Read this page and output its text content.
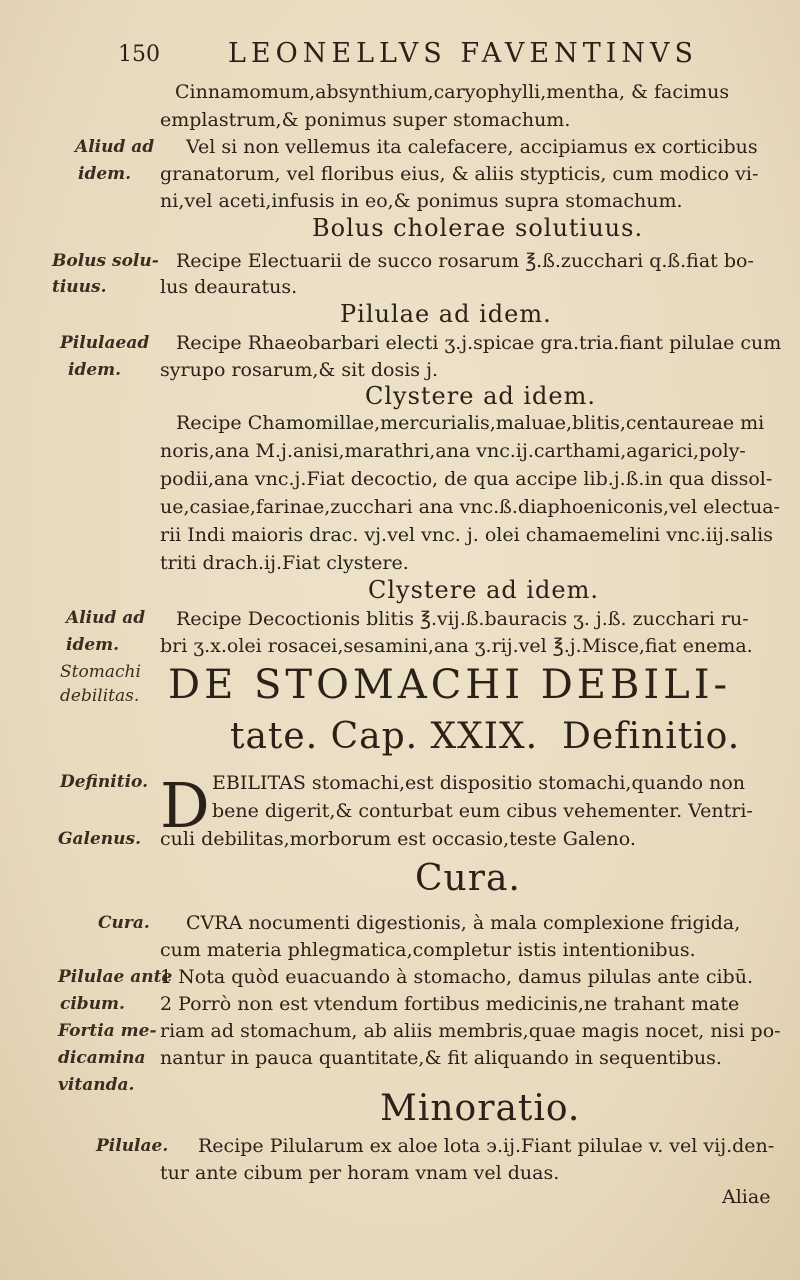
150	LEONELLVS FAVENTINVS
Cinnamomum,absynthium,caryophylli,mentha, & facimus
emplastrum,& ponimus super stomachum.
Vel si non vellemus ita calefacere, accipiamus ex corticibus
granatorum, vel floribus eius, & aliis stypticis, cum modico vi-
ni,vel aceti,infusis in eo,& ponimus supra stomachum.
Bolus cholerae solutiuus.
Recipe Electuarii de succo rosarum ℥.ß.zucchari q.ß.fiat bo-
lus deauratus.
Pilulae ad idem.
Recipe Rhaeobarbari electi ʒ.j.spicae gra.tria.fiant pilulae cum
syrupo rosarum,& sit dosis j.
Clystere ad idem.
Recipe Chamomillae,mercurialis,maluae,blitis,centaureae mi
noris,ana M.j.anisi,marathri,ana vnc.ij.carthami,agarici,poly-
podii,ana vnc.j.Fiat decoctio, de qua accipe lib.j.ß.in qua dissol-
ue,casiae,farinae,zucchari ana vnc.ß.diaphoeniconis,vel electua-
rii Indi maioris drac. vj.vel vnc. j. olei chamaemelini vnc.iij.salis
triti drach.ij.Fiat clystere.
Clystere ad idem.
Recipe Decoctionis blitis ℥.vij.ß.bauracis ʒ. j.ß. zucchari ru-
bri ʒ.x.olei rosacei,sesamini,ana ʒ.rij.vel ℥.j.Misce,fiat enema.
DE STOMACHI DEBILI-
tate. Cap. XXIX. Definitio.
D EBILITAS stomachi,est dispositio stomachi,quando non
bene digerit,& conturbat eum cibus vehementer. Ventri-
culi debilitas,morborum est occasio,teste Galeno.
Cura.
CVRA nocumenti digestionis, à mala complexione frigida,
cum materia phlegmatica,completur istis intentionibus.
1 Nota quòd euacuando à stomacho, damus pilulas ante cibū.
2 Porrò non est vtendum fortibus medicinis,ne trahant mate
riam ad stomachum, ab aliis membris,quae magis nocet, nisi po-
nantur in pauca quantitate,& fit aliquando in sequentibus.
Minoratio.
Recipe Pilularum ex aloe lota ϶.ij.Fiant pilulae v. vel vij.den-
tur ante cibum per horam vnam vel duas.
Aliae
Aliud ad
idem.
Bolus solu-
tiuus.
Pilulaead
idem.
Aliud ad
idem.
Stomachi
debilitas.
Definitio.
Galenus.
Cura.
Pilulae ante
cibum.
Fortia me-
dicamina
vitanda.
Pilulae.
